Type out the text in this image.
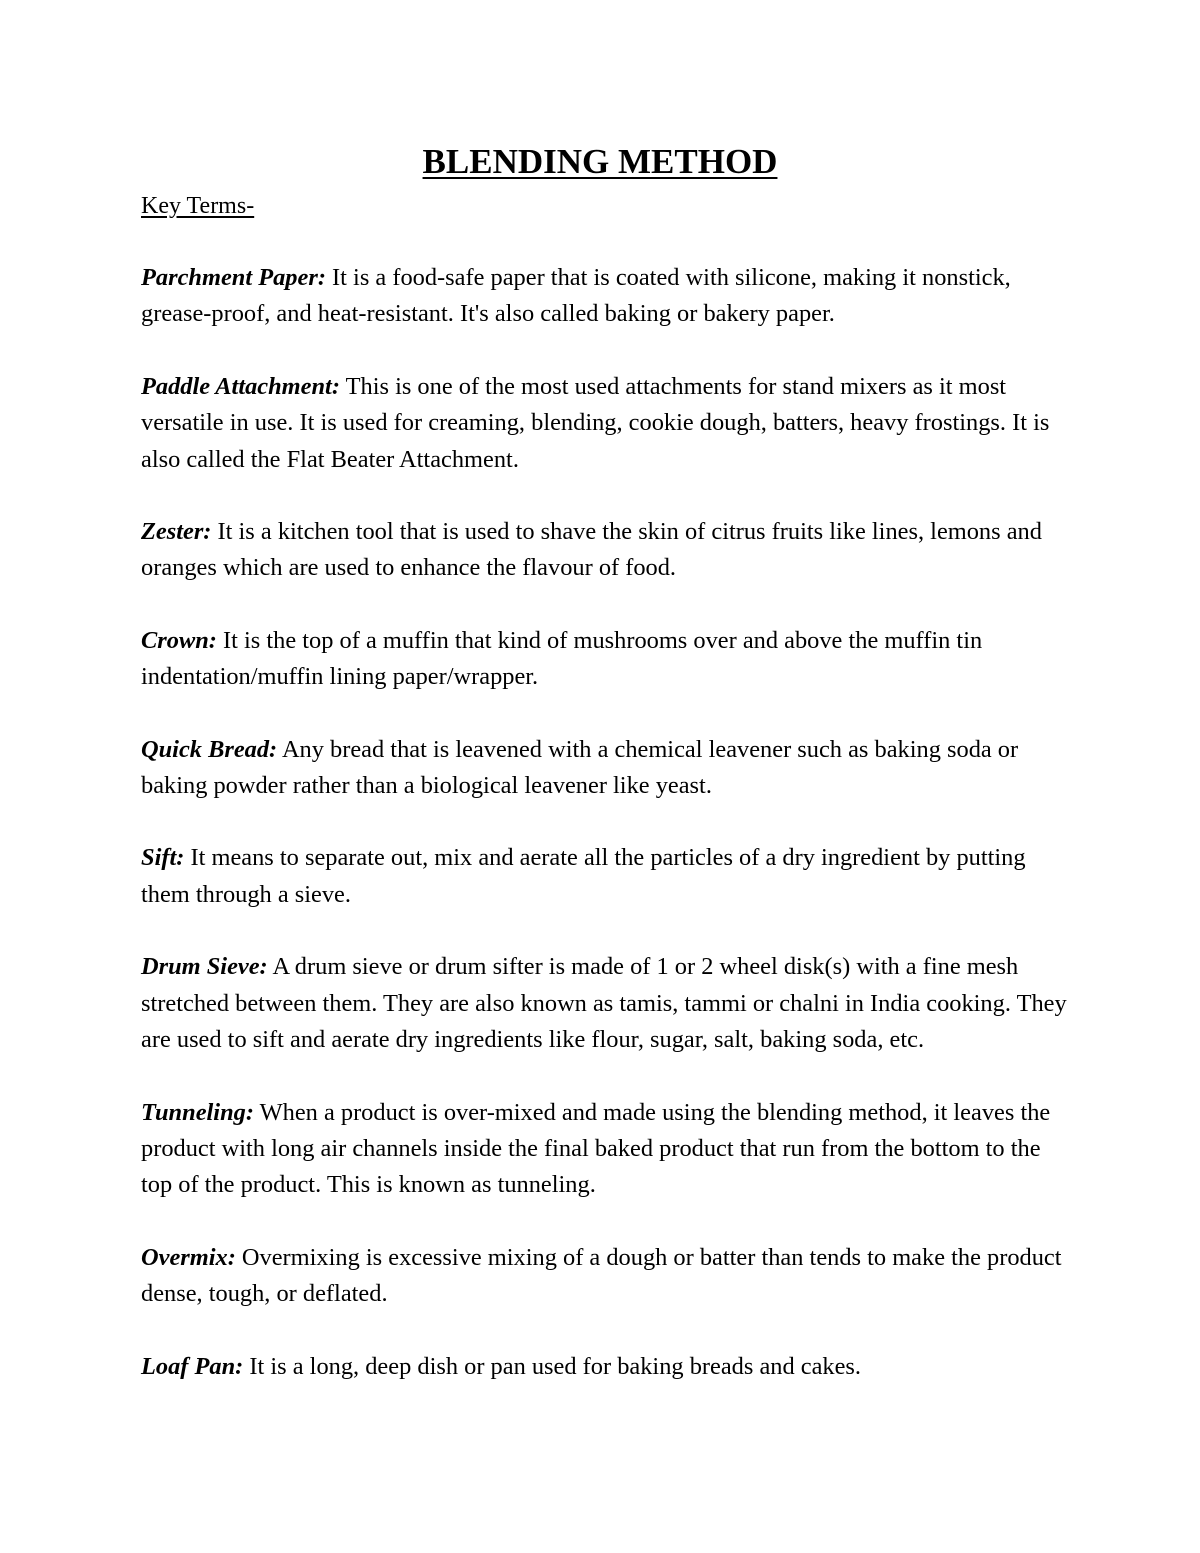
BLENDING METHOD

Key Terms-

Parchment Paper: It is a food-safe paper that is coated with silicone, making it nonstick, grease-proof, and heat-resistant. It's also called baking or bakery paper.

Paddle Attachment: This is one of the most used attachments for stand mixers as it most versatile in use. It is used for creaming, blending, cookie dough, batters, heavy frostings. It is also called the Flat Beater Attachment.

Zester: It is a kitchen tool that is used to shave the skin of citrus fruits like lines, lemons and oranges which are used to enhance the flavour of food.

Crown: It is the top of a muffin that kind of mushrooms over and above the muffin tin indentation/muffin lining paper/wrapper.

Quick Bread: Any bread that is leavened with a chemical leavener such as baking soda or baking powder rather than a biological leavener like yeast.

Sift: It means to separate out, mix and aerate all the particles of a dry ingredient by putting them through a sieve.

Drum Sieve: A drum sieve or drum sifter is made of 1 or 2 wheel disk(s) with a fine mesh stretched between them. They are also known as tamis, tammi or chalni in India cooking. They are used to sift and aerate dry ingredients like flour, sugar, salt, baking soda, etc.

Tunneling: When a product is over-mixed and made using the blending method, it leaves the product with long air channels inside the final baked product that run from the bottom to the top of the product. This is known as tunneling.

Overmix: Overmixing is excessive mixing of a dough or batter than tends to make the product dense, tough, or deflated.

Loaf Pan: It is a long, deep dish or pan used for baking breads and cakes.
